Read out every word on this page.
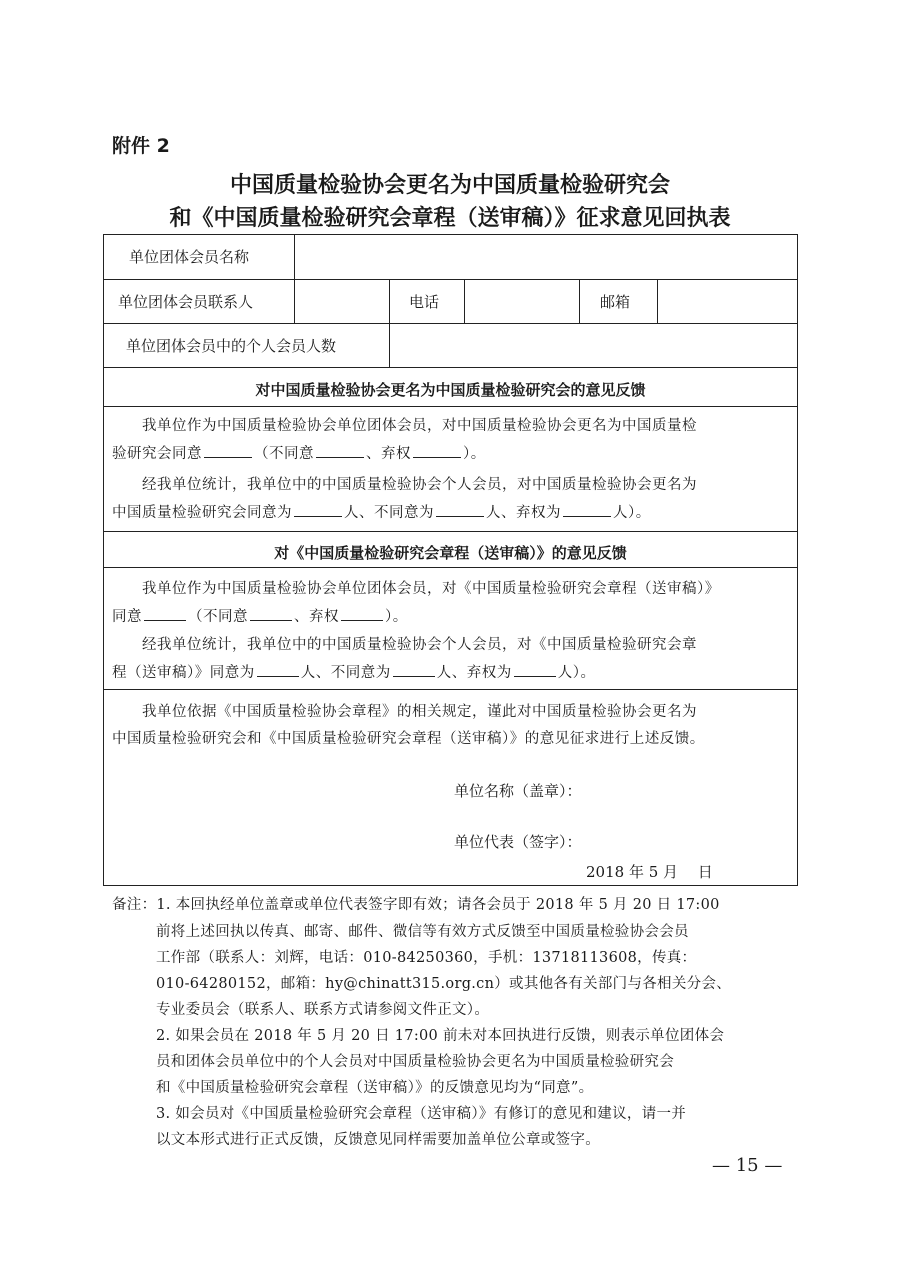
附件 2
中国质量检验协会更名为中国质量检验研究会
和《中国质量检验研究会章程（送审稿）》征求意见回执表
单位团体会员名称
单位团体会员联系人	电话	邮箱
单位团体会员中的个人会员人数
对中国质量检验协会更名为中国质量检验研究会的意见反馈
我单位作为中国质量检验协会单位团体会员，对中国质量检验协会更名为中国质量检
验研究会同意	（不同意	、弃权	）。
经我单位统计，我单位中的中国质量检验协会个人会员，对中国质量检验协会更名为
中国质量检验研究会同意为	人、不同意为	人、弃权为	人）。
对《中国质量检验研究会章程（送审稿）》的意见反馈
我单位作为中国质量检验协会单位团体会员，对《中国质量检验研究会章程（送审稿）》
同意	（不同意	、弃权	）。
经我单位统计，我单位中的中国质量检验协会个人会员，对《中国质量检验研究会章
程（送审稿）》同意为	人、不同意为	人、弃权为	人）。
我单位依据《中国质量检验协会章程》的相关规定，谨此对中国质量检验协会更名为
中国质量检验研究会和《中国质量检验研究会章程（送审稿）》的意见征求进行上述反馈。
单位名称（盖章）：
单位代表（签字）：
2018 年 5 月　 日
备注：1. 本回执经单位盖章或单位代表签字即有效；请各会员于 2018 年 5 月 20 日 17:00
前将上述回执以传真、邮寄、邮件、微信等有效方式反馈至中国质量检验协会会员
工作部（联系人：刘辉，电话：010-84250360，手机：13718113608，传真：
010-64280152，邮箱：hy@chinatt315.org.cn）或其他各有关部门与各相关分会、
专业委员会（联系人、联系方式请参阅文件正文）。
2. 如果会员在 2018 年 5 月 20 日 17:00 前未对本回执进行反馈，则表示单位团体会
员和团体会员单位中的个人会员对中国质量检验协会更名为中国质量检验研究会
和《中国质量检验研究会章程（送审稿）》的反馈意见均为“同意”。
3. 如会员对《中国质量检验研究会章程（送审稿）》有修订的意见和建议，请一并
以文本形式进行正式反馈，反馈意见同样需要加盖单位公章或签字。
— 15 —
